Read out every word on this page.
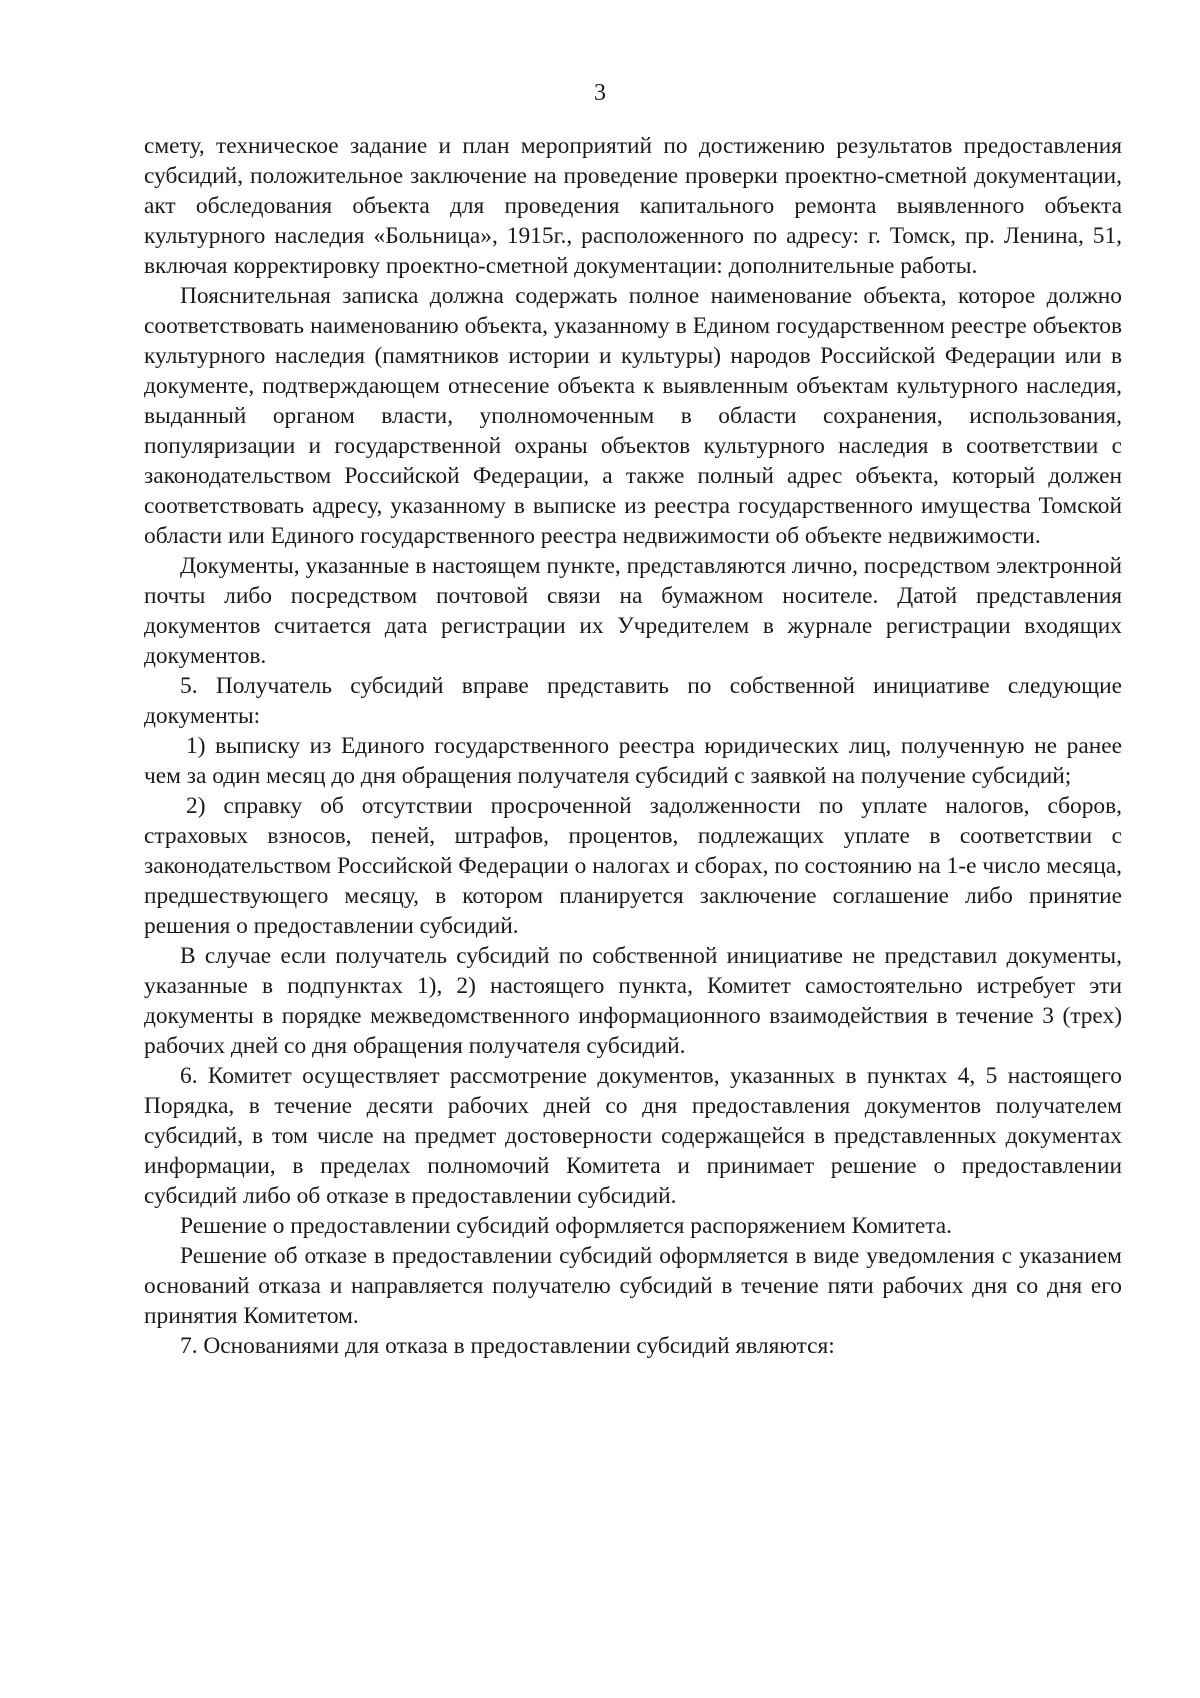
3

смету, техническое задание и план мероприятий по достижению результатов предоставления субсидий, положительное заключение на проведение проверки проектно-сметной документации, акт обследования объекта для проведения капитального ремонта выявленного объекта культурного наследия «Больница», 1915г., расположенного по адресу: г. Томск, пр. Ленина, 51, включая корректировку проектно-сметной документации: дополнительные работы.

Пояснительная записка должна содержать полное наименование объекта, которое должно соответствовать наименованию объекта, указанному в Едином государственном реестре объектов культурного наследия (памятников истории и культуры) народов Российской Федерации или в документе, подтверждающем отнесение объекта к выявленным объектам культурного наследия, выданный органом власти, уполномоченным в области сохранения, использования, популяризации и государственной охраны объектов культурного наследия в соответствии с законодательством Российской Федерации, а также полный адрес объекта, который должен соответствовать адресу, указанному в выписке из реестра государственного имущества Томской области или Единого государственного реестра недвижимости об объекте недвижимости.

Документы, указанные в настоящем пункте, представляются лично, посредством электронной почты либо посредством почтовой связи на бумажном носителе. Датой представления документов считается дата регистрации их Учредителем в журнале регистрации входящих документов.

5. Получатель субсидий вправе представить по собственной инициативе следующие документы:

1) выписку из Единого государственного реестра юридических лиц, полученную не ранее чем за один месяц до дня обращения получателя субсидий с заявкой на получение субсидий;

2) справку об отсутствии просроченной задолженности по уплате налогов, сборов, страховых взносов, пеней, штрафов, процентов, подлежащих уплате в соответствии с законодательством Российской Федерации о налогах и сборах, по состоянию на 1-е число месяца, предшествующего месяцу, в котором планируется заключение соглашение либо принятие решения о предоставлении субсидий.

В случае если получатель субсидий по собственной инициативе не представил документы, указанные в подпунктах 1), 2) настоящего пункта, Комитет самостоятельно истребует эти документы в порядке межведомственного информационного взаимодействия в течение 3 (трех) рабочих дней со дня обращения получателя субсидий.

6. Комитет осуществляет рассмотрение документов, указанных в пунктах 4, 5 настоящего Порядка, в течение десяти рабочих дней со дня предоставления документов получателем субсидий, в том числе на предмет достоверности содержащейся в представленных документах информации, в пределах полномочий Комитета и принимает решение о предоставлении субсидий либо об отказе в предоставлении субсидий.

Решение о предоставлении субсидий оформляется распоряжением Комитета.

Решение об отказе в предоставлении субсидий оформляется в виде уведомления с указанием оснований отказа и направляется получателю субсидий в течение пяти рабочих дня со дня его принятия Комитетом.

7. Основаниями для отказа в предоставлении субсидий являются:
